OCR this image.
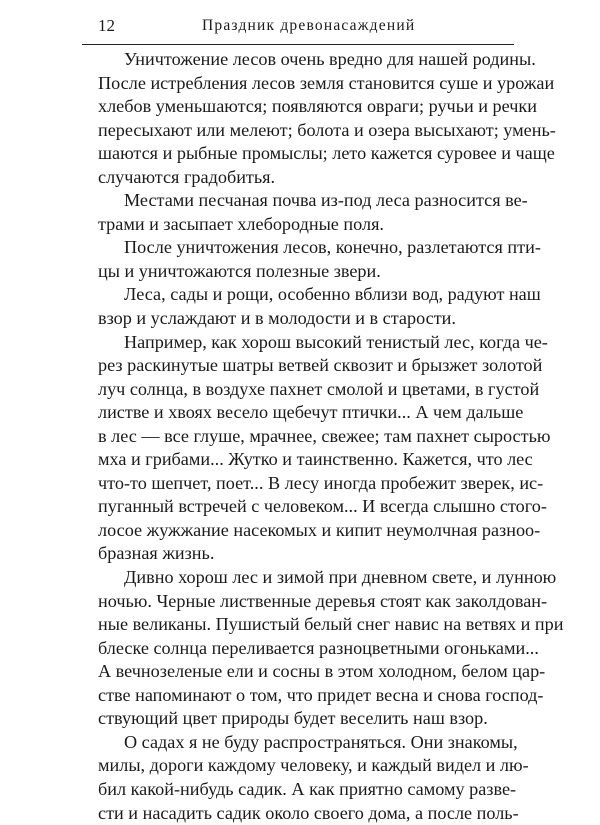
12	Праздник древонасаждений
Уничтожение лесов очень вредно для нашей родины.
После истребления лесов земля становится суше и урожаи
хлебов уменьшаются; появляются овраги; ручьи и речки
пересыхают или мелеют; болота и озера высыхают; умень-
шаются и рыбные промыслы; лето кажется суровее и чаще
случаются градобитья.
Местами песчаная почва из-под леса разносится ве-
трами и засыпает хлебородные поля.
После уничтожения лесов, конечно, разлетаются пти-
цы и уничтожаются полезные звери.
Леса, сады и рощи, особенно вблизи вод, радуют наш
взор и услаждают и в молодости и в старости.
Например, как хорош высокий тенистый лес, когда че-
рез раскинутые шатры ветвей сквозит и брызжет золотой
луч солнца, в воздухе пахнет смолой и цветами, в густой
листве и хвоях весело щебечут птички... А чем дальше
в лес — все глуше, мрачнее, свежее; там пахнет сыростью
мха и грибами... Жутко и таинственно. Кажется, что лес
что-то шепчет, поет... В лесу иногда пробежит зверек, ис-
пуганный встречей с человеком... И всегда слышно стого-
лосое жужжание насекомых и кипит неумолчная разноо-
бразная жизнь.
Дивно хорош лес и зимой при дневном свете, и лунною
ночью. Черные лиственные деревья стоят как заколдован-
ные великаны. Пушистый белый снег навис на ветвях и при
блеске солнца переливается разноцветными огоньками...
А вечнозеленые ели и сосны в этом холодном, белом цар-
стве напоминают о том, что придет весна и снова господ-
ствующий цвет природы будет веселить наш взор.
О садах я не буду распространяться. Они знакомы,
милы, дороги каждому человеку, и каждый видел и лю-
бил какой-нибудь садик. А как приятно самому разве-
сти и насадить садик около своего дома, а после поль-
